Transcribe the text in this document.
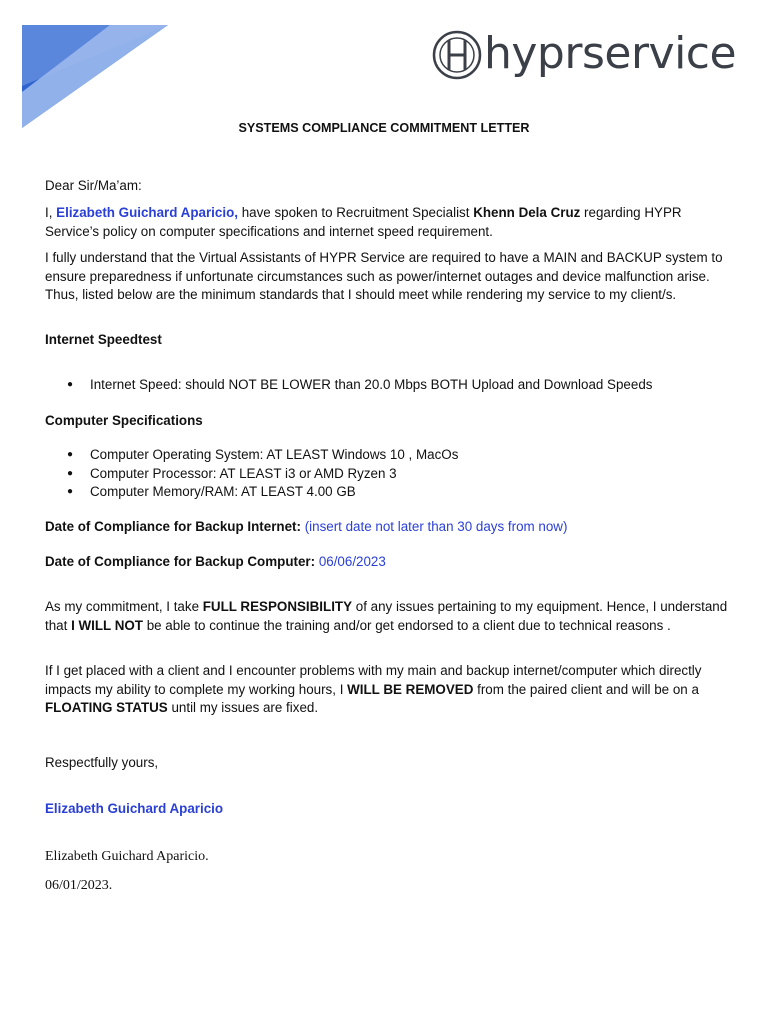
hyprservice
SYSTEMS COMPLIANCE COMMITMENT LETTER
Dear Sir/Ma’am:
I, Elizabeth Guichard Aparicio, have spoken to Recruitment Specialist Khenn Dela Cruz regarding HYPR Service’s policy on computer specifications and internet speed requirement.
I fully understand that the Virtual Assistants of HYPR Service are required to have a MAIN and BACKUP system to ensure preparedness if unfortunate circumstances such as power/internet outages and device malfunction arise. Thus, listed below are the minimum standards that I should meet while rendering my service to my client/s.
Internet Speedtest
● Internet Speed: should NOT BE LOWER than 20.0 Mbps BOTH Upload and Download Speeds
Computer Specifications
● Computer Operating System: AT LEAST Windows 10 , MacOs
● Computer Processor: AT LEAST i3 or AMD Ryzen 3
● Computer Memory/RAM: AT LEAST 4.00 GB
Date of Compliance for Backup Internet: (insert date not later than 30 days from now)
Date of Compliance for Backup Computer: 06/06/2023
As my commitment, I take FULL RESPONSIBILITY of any issues pertaining to my equipment. Hence, I understand that I WILL NOT be able to continue the training and/or get endorsed to a client due to technical reasons .
If I get placed with a client and I encounter problems with my main and backup internet/computer which directly impacts my ability to complete my working hours, I WILL BE REMOVED from the paired client and will be on a FLOATING STATUS until my issues are fixed.
Respectfully yours,
Elizabeth Guichard Aparicio
Elizabeth Guichard Aparicio.
06/01/2023.
